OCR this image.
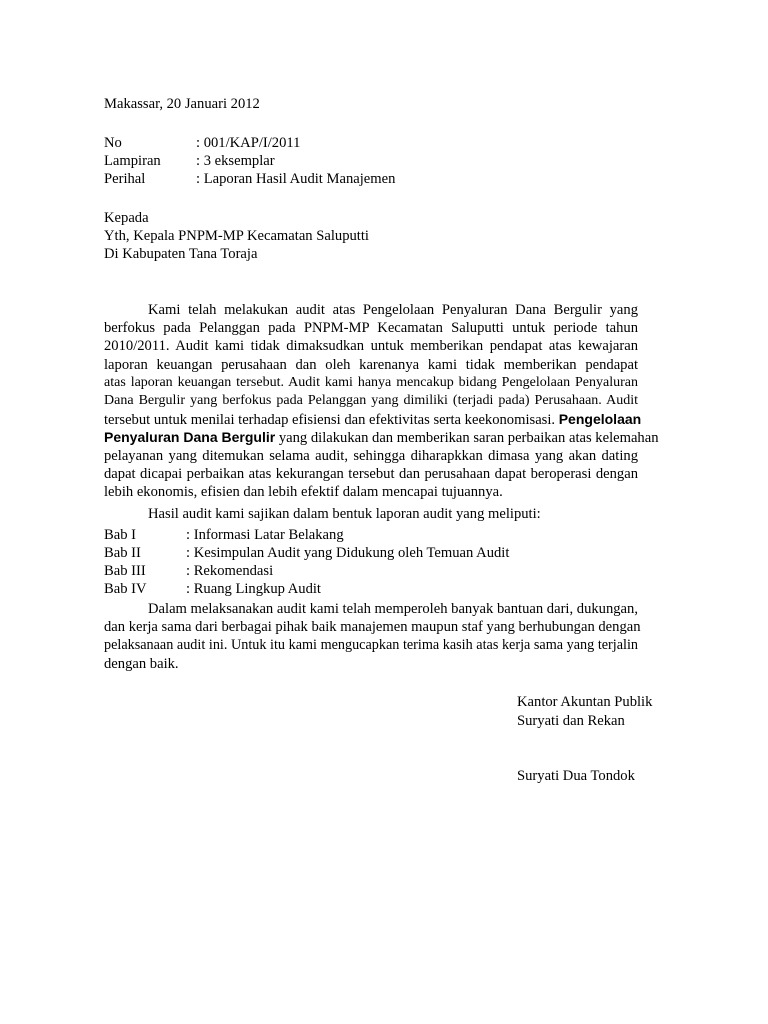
Makassar, 20 Januari 2012
No	: 001/KAP/I/2011
Lampiran : 3 eksemplar
Perihal	: Laporan Hasil Audit Manajemen
Kepada
Yth, Kepala PNPM-MP Kecamatan Saluputti
Di Kabupaten Tana Toraja
Kami telah melakukan audit atas Pengelolaan Penyaluran Dana Bergulir yang
berfokus pada Pelanggan pada PNPM-MP Kecamatan Saluputti untuk periode tahun
2010/2011. Audit kami tidak dimaksudkan untuk memberikan pendapat atas kewajaran
laporan keuangan perusahaan dan oleh karenanya kami tidak memberikan pendapat
atas laporan keuangan tersebut. Audit kami hanya mencakup bidang Pengelolaan Penyaluran
Dana Bergulir yang berfokus pada Pelanggan yang dimiliki (terjadi pada) Perusahaan. Audit
tersebut untuk menilai terhadap efisiensi dan efektivitas serta keekonomisasi. Pengelolaan
Penyaluran Dana Bergulir yang dilakukan dan memberikan saran perbaikan atas kelemahan
pelayanan yang ditemukan selama audit, sehingga diharapkkan dimasa yang akan dating
dapat dicapai perbaikan atas kekurangan tersebut dan perusahaan dapat beroperasi dengan
lebih ekonomis, efisien dan lebih efektif dalam mencapai tujuannya.
Hasil audit kami sajikan dalam bentuk laporan audit yang meliputi:
Bab I	: Informasi Latar Belakang
Bab II	: Kesimpulan Audit yang Didukung oleh Temuan Audit
Bab III	: Rekomendasi
Bab IV	: Ruang Lingkup Audit
Dalam melaksanakan audit kami telah memperoleh banyak bantuan dari, dukungan,
dan kerja sama dari berbagai pihak baik manajemen maupun staf yang berhubungan dengan
pelaksanaan audit ini. Untuk itu kami mengucapkan terima kasih atas kerja sama yang terjalin
dengan baik.
Kantor Akuntan Publik
Suryati dan Rekan
Suryati Dua Tondok
